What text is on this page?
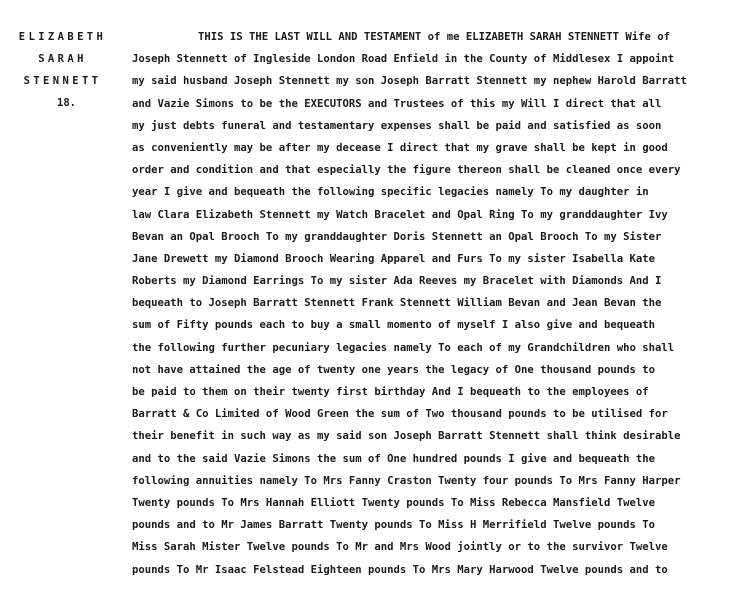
ELIZABETH
SARAH
STENNETT
18.
THIS IS THE LAST WILL AND TESTAMENT of me ELIZABETH SARAH STENNETT Wife of
Joseph Stennett of Ingleside London Road Enfield in the County of Middlesex I appoint
my said husband Joseph Stennett my son Joseph Barratt Stennett my nephew Harold Barratt
and Vazie Simons to be the EXECUTORS and Trustees of this my Will I direct that all
my just debts funeral and testamentary expenses shall be paid and satisfied as soon
as conveniently may be after my decease I direct that my grave shall be kept in good
order and condition and that especially the figure thereon shall be cleaned once every
year I give and bequeath the following specific legacies namely To my daughter in
law Clara Elizabeth Stennett my Watch Bracelet and Opal Ring To my granddaughter Ivy
Bevan an Opal Brooch To my granddaughter Doris Stennett an Opal Brooch To my Sister
Jane Drewett my Diamond Brooch Wearing Apparel and Furs To my sister Isabella Kate
Roberts my Diamond Earrings To my sister Ada Reeves my Bracelet with Diamonds And I
bequeath to Joseph Barratt Stennett Frank Stennett William Bevan and Jean Bevan the
sum of Fifty pounds each to buy a small momento of myself I also give and bequeath
the following further pecuniary legacies namely To each of my Grandchildren who shall
not have attained the age of twenty one years the legacy of One thousand pounds to
be paid to them on their twenty first birthday And I bequeath to the employees of
Barratt & Co Limited of Wood Green the sum of Two thousand pounds to be utilised for
their benefit in such way as my said son Joseph Barratt Stennett shall think desirable
and to the said Vazie Simons the sum of One hundred pounds I give and bequeath the
following annuities namely To Mrs Fanny Craston Twenty four pounds To Mrs Fanny Harper
Twenty pounds To Mrs Hannah Elliott Twenty pounds To Miss Rebecca Mansfield Twelve
pounds and to Mr James Barratt Twenty pounds To Miss H Merrifield Twelve pounds To
Miss Sarah Mister Twelve pounds To Mr and Mrs Wood jointly or to the survivor Twelve
pounds To Mr Isaac Felstead Eighteen pounds To Mrs Mary Harwood Twelve pounds and to
